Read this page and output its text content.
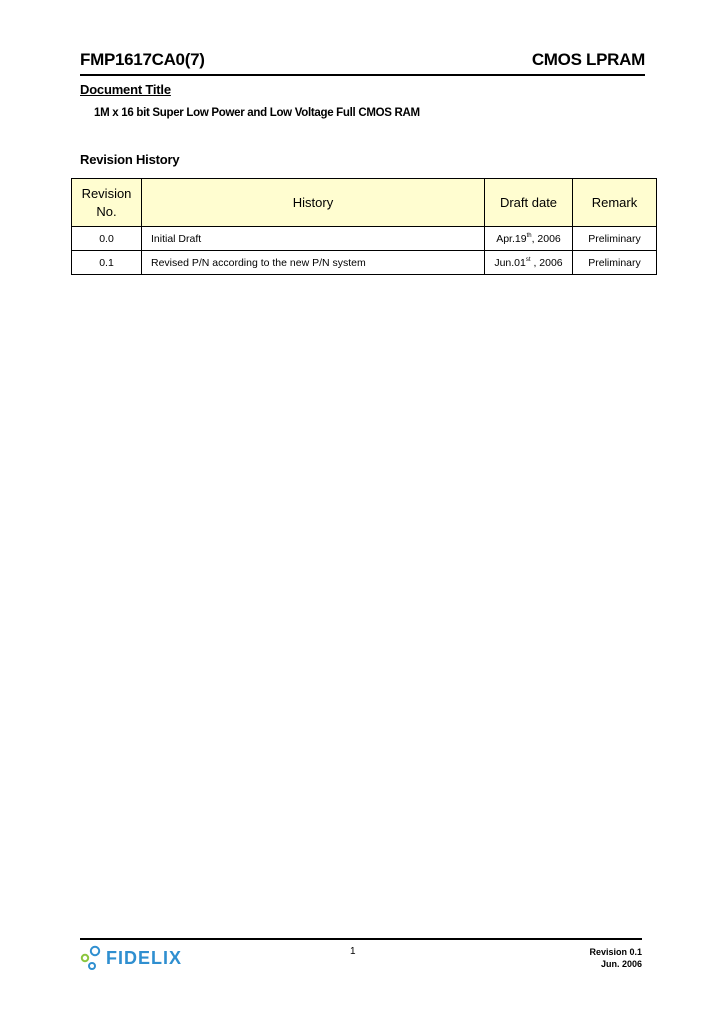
FMP1617CA0(7)	CMOS LPRAM
Document Title
1M x 16 bit Super Low Power and Low Voltage Full CMOS RAM
Revision History
Revision
No.	History	Draft date	Remark
0.0	Initial Draft	Apr.19th, 2006	Preliminary
0.1	Revised P/N according to the new P/N system	Jun.01st , 2006	Preliminary
FIDELIX	1	Revision 0.1
Jun. 2006
